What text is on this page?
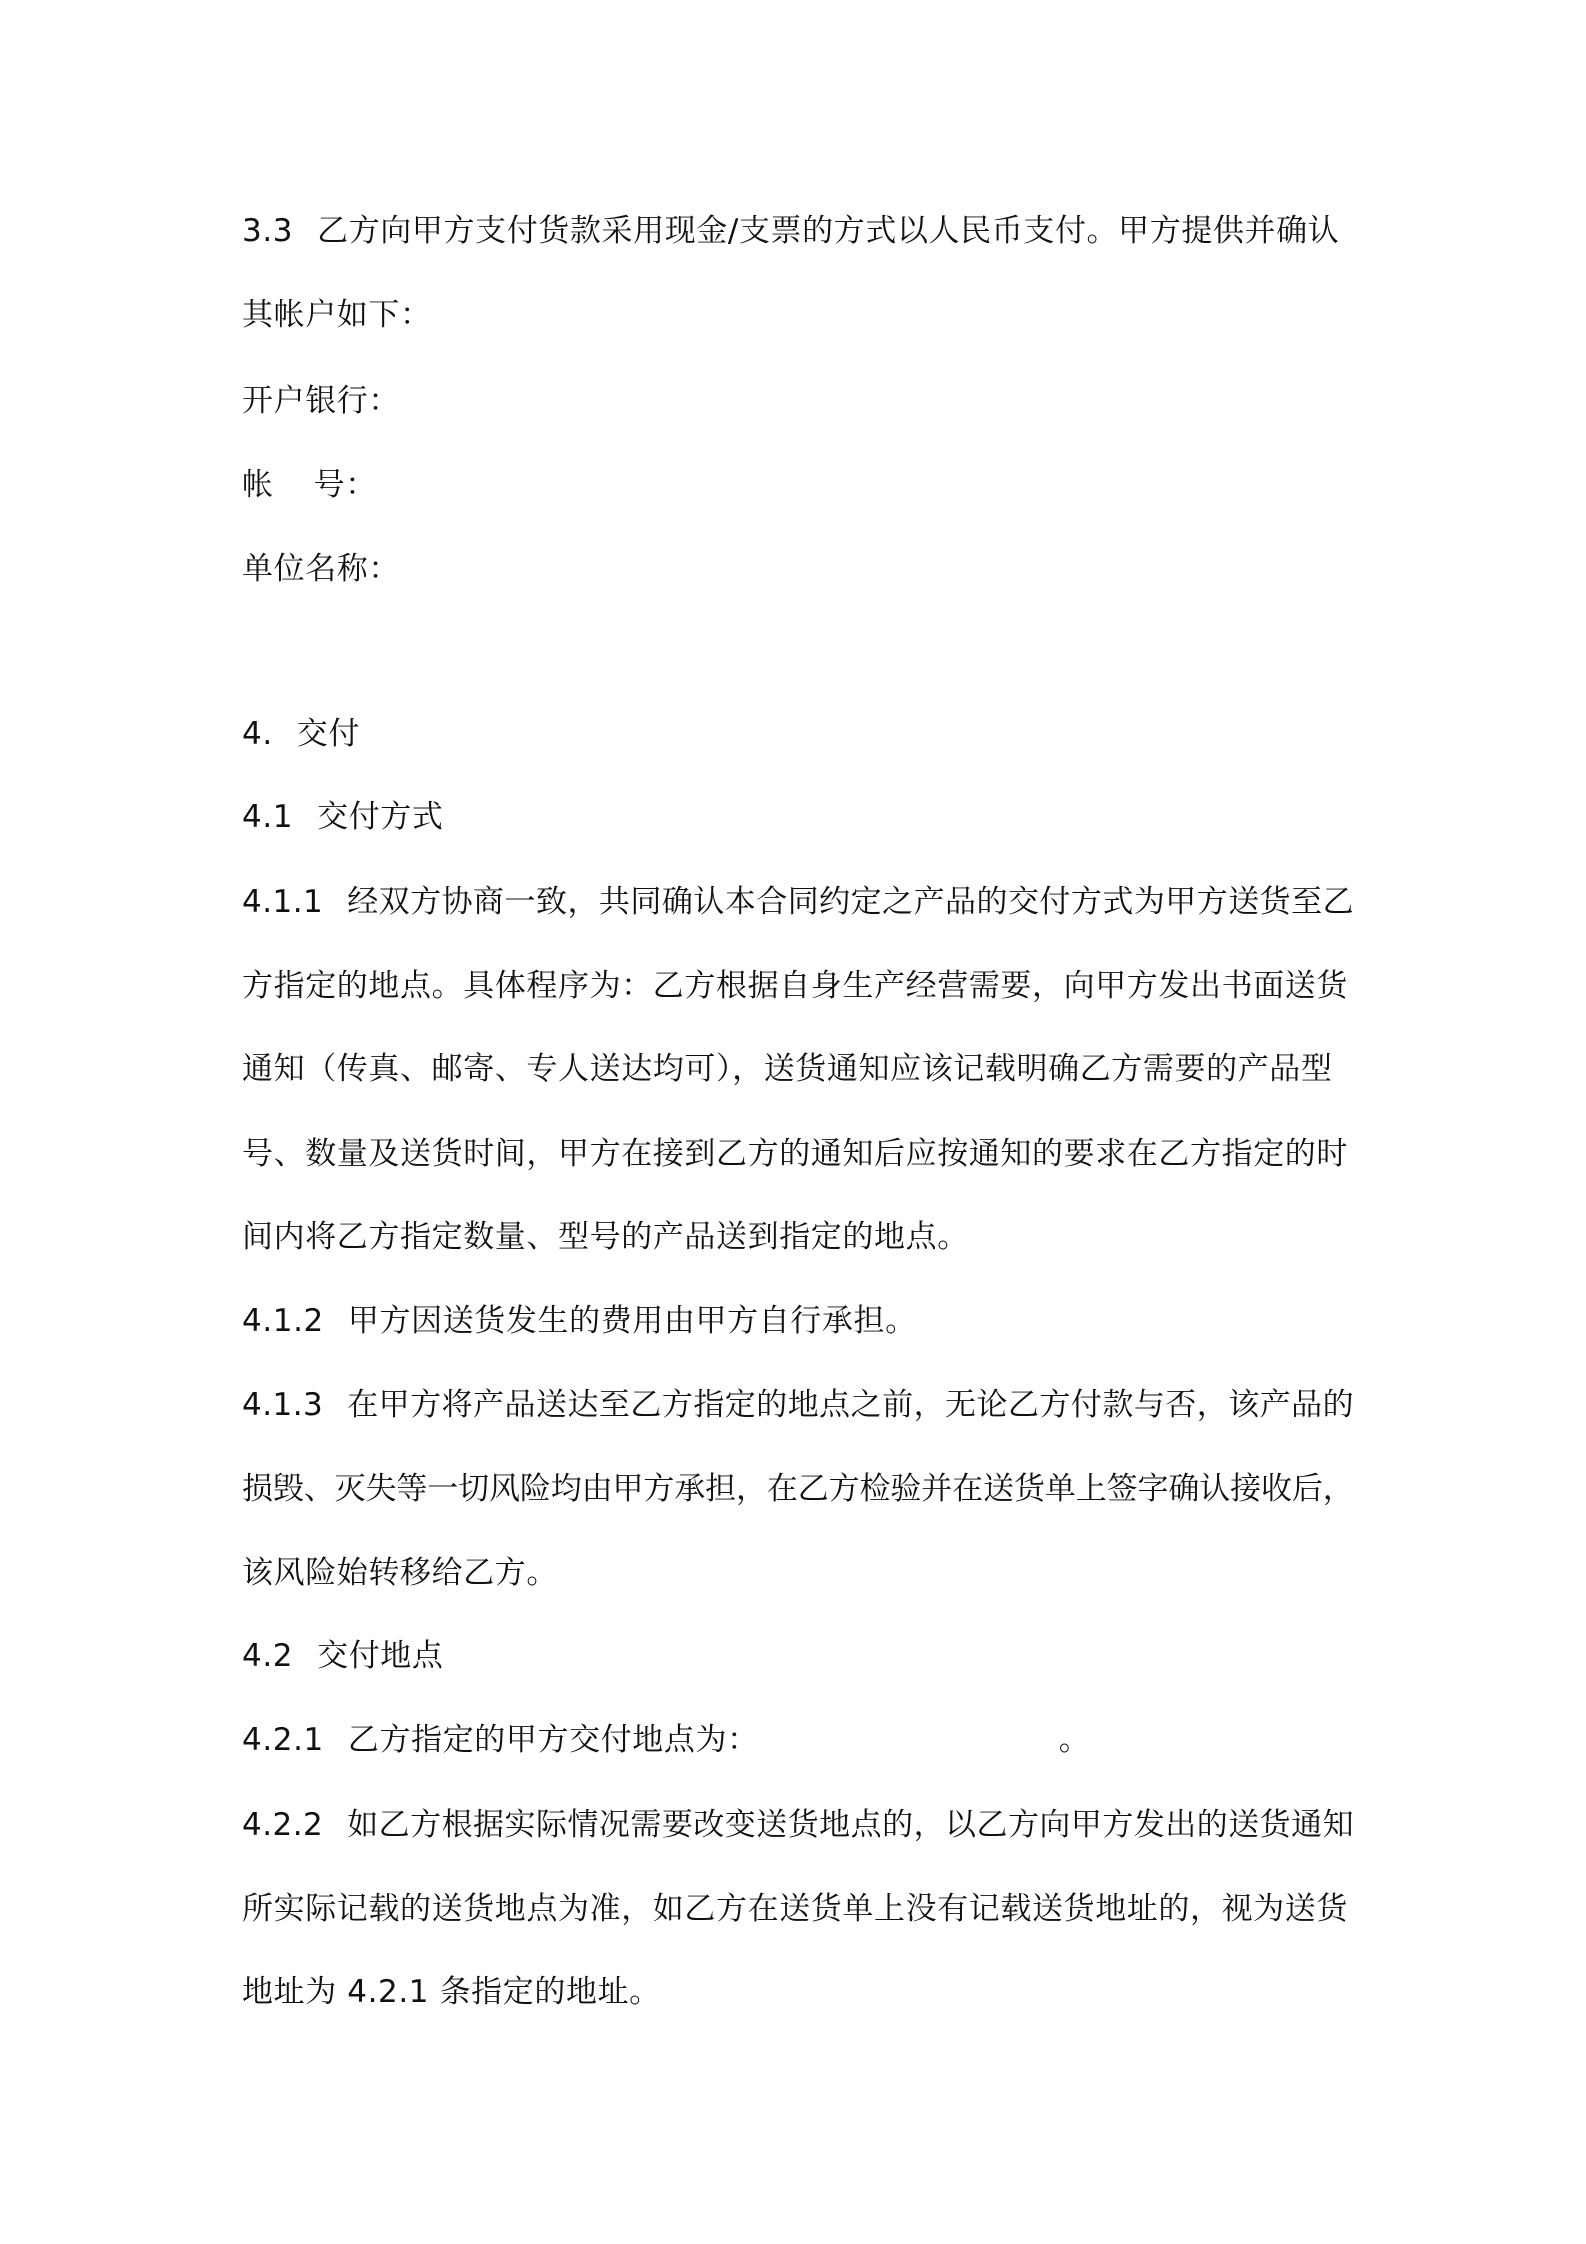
3.3 乙方向甲方支付货款采用现金/支票的方式以人民币支付。甲方提供并确认
其帐户如下：
开户银行：
帐 号：
单位名称：
4. 交付
4.1 交付方式
4.1.1 经双方协商一致，共同确认本合同约定之产品的交付方式为甲方送货至乙
方指定的地点。具体程序为：乙方根据自身生产经营需要，向甲方发出书面送货
通知（传真、邮寄、专人送达均可），送货通知应该记载明确乙方需要的产品型
号、数量及送货时间，甲方在接到乙方的通知后应按通知的要求在乙方指定的时
间内将乙方指定数量、型号的产品送到指定的地点。
4.1.2 甲方因送货发生的费用由甲方自行承担。
4.1.3 在甲方将产品送达至乙方指定的地点之前，无论乙方付款与否，该产品的
损毁、灭失等一切风险均由甲方承担，在乙方检验并在送货单上签字确认接收后，
该风险始转移给乙方。
4.2 交付地点
4.2.1 乙方指定的甲方交付地点为：	。
4.2.2 如乙方根据实际情况需要改变送货地点的，以乙方向甲方发出的送货通知
所实际记载的送货地点为准，如乙方在送货单上没有记载送货地址的，视为送货
地址为 4.2.1 条指定的地址。
